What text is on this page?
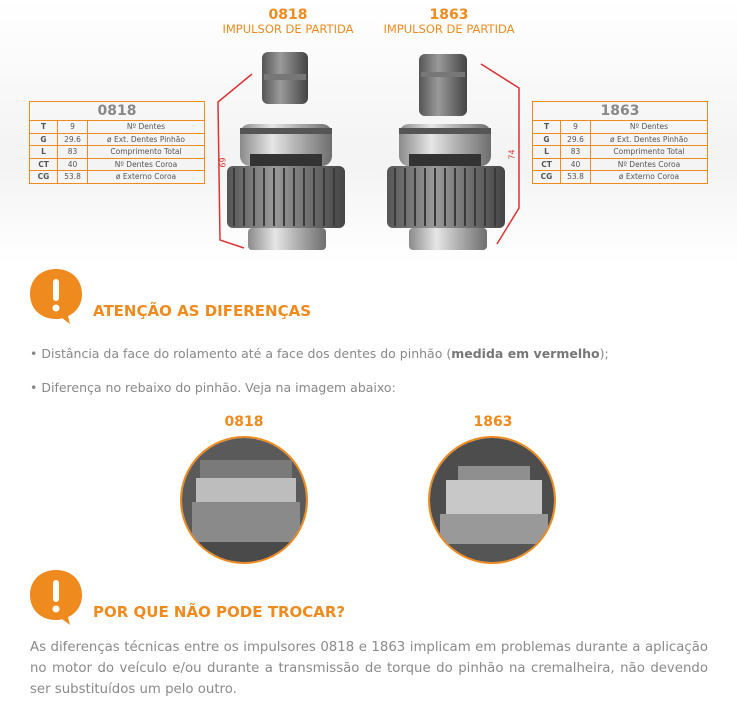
0818
IMPULSOR DE PARTIDA
1863
IMPULSOR DE PARTIDA
0818		
T	9	Nº Dentes
G	29.6	ø Ext. Dentes Pinhão
L	83	Comprimento Total
CT	40	Nº Dentes Coroa
CG	53.8	ø Externo Coroa
1863		
T	9	Nº Dentes
G	29.6	ø Ext. Dentes Pinhão
L	83	Comprimento Total
CT	40	Nº Dentes Coroa
CG	53.8	ø Externo Coroa
69
74
ATENÇÃO AS DIFERENÇAS
• Distância da face do rolamento até a face dos dentes do pinhão (medida em vermelho);
• Diferença no rebaixo do pinhão. Veja na imagem abaixo:
0818	1863
POR QUE NÃO PODE TROCAR?
As diferenças técnicas entre os impulsores 0818 e 1863 implicam em problemas durante a aplicação no motor do veículo e/ou durante a transmissão de torque do pinhão na cremalheira, não devendo ser substituídos um pelo outro.
